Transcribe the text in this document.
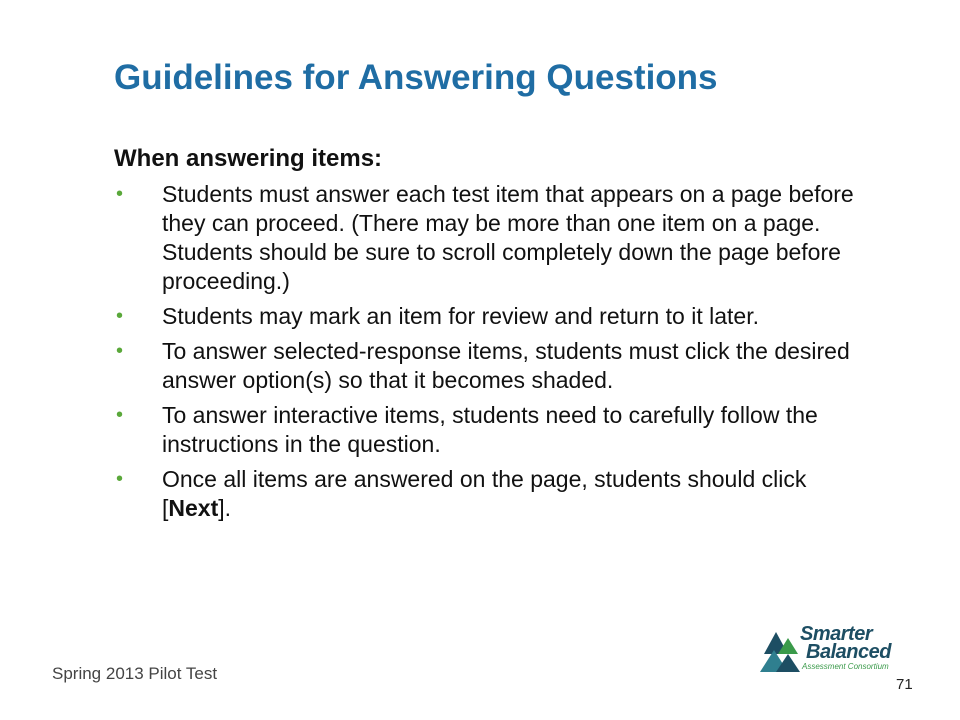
Guidelines for Answering Questions
When answering items:
• Students must answer each test item that appears on a page before they can proceed. (There may be more than one item on a page. Students should be sure to scroll completely down the page before proceeding.)
• Students may mark an item for review and return to it later.
• To answer selected-response items, students must click the desired answer option(s) so that it becomes shaded.
• To answer interactive items, students need to carefully follow the instructions in the question.
• Once all items are answered on the page, students should click [Next].
Spring 2013 Pilot Test
Smarter
Balanced
Assessment Consortium
71
